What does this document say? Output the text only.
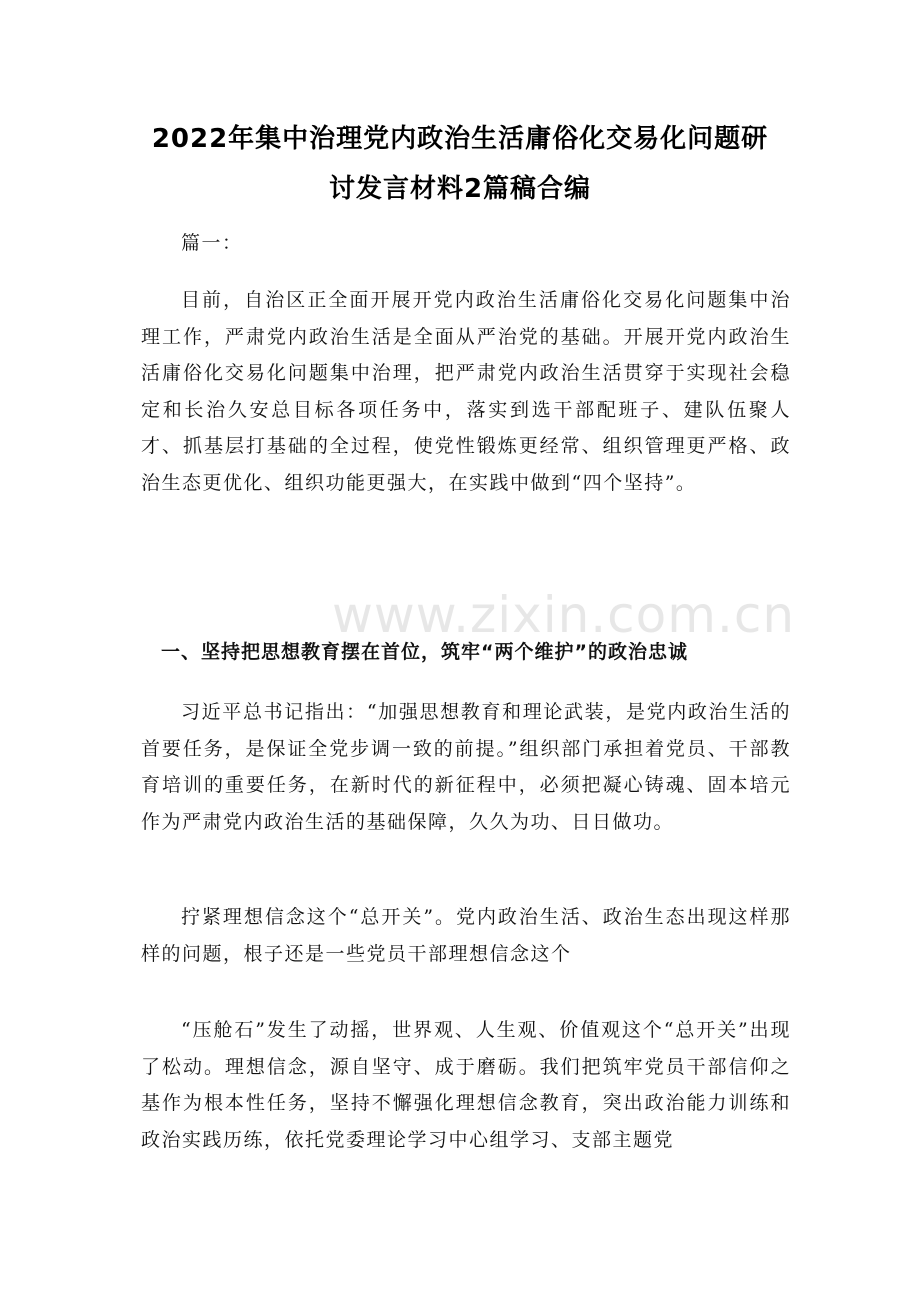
2022年集中治理党内政治生活庸俗化交易化问题研
讨发言材料2篇稿合编

篇一：

目前，自治区正全面开展开党内政治生活庸俗化交易化问题集中治理工作，严肃党内政治生活是全面从严治党的基础。开展开党内政治生活庸俗化交易化问题集中治理，把严肃党内政治生活贯穿于实现社会稳定和长治久安总目标各项任务中，落实到选干部配班子、建队伍聚人才、抓基层打基础的全过程，使党性锻炼更经常、组织管理更严格、政治生态更优化、组织功能更强大，在实践中做到“四个坚持”。

一、坚持把思想教育摆在首位，筑牢“两个维护”的政治忠诚

习近平总书记指出：“加强思想教育和理论武装，是党内政治生活的首要任务，是保证全党步调一致的前提。”组织部门承担着党员、干部教育培训的重要任务，在新时代的新征程中，必须把凝心铸魂、固本培元作为严肃党内政治生活的基础保障，久久为功、日日做功。

拧紧理想信念这个“总开关”。党内政治生活、政治生态出现这样那样的问题，根子还是一些党员干部理想信念这个

“压舱石”发生了动摇，世界观、人生观、价值观这个“总开关”出现了松动。理想信念，源自坚守、成于磨砺。我们把筑牢党员干部信仰之基作为根本性任务，坚持不懈强化理想信念教育，突出政治能力训练和政治实践历练，依托党委理论学习中心组学习、支部主题党

www.zixin.com.cn
